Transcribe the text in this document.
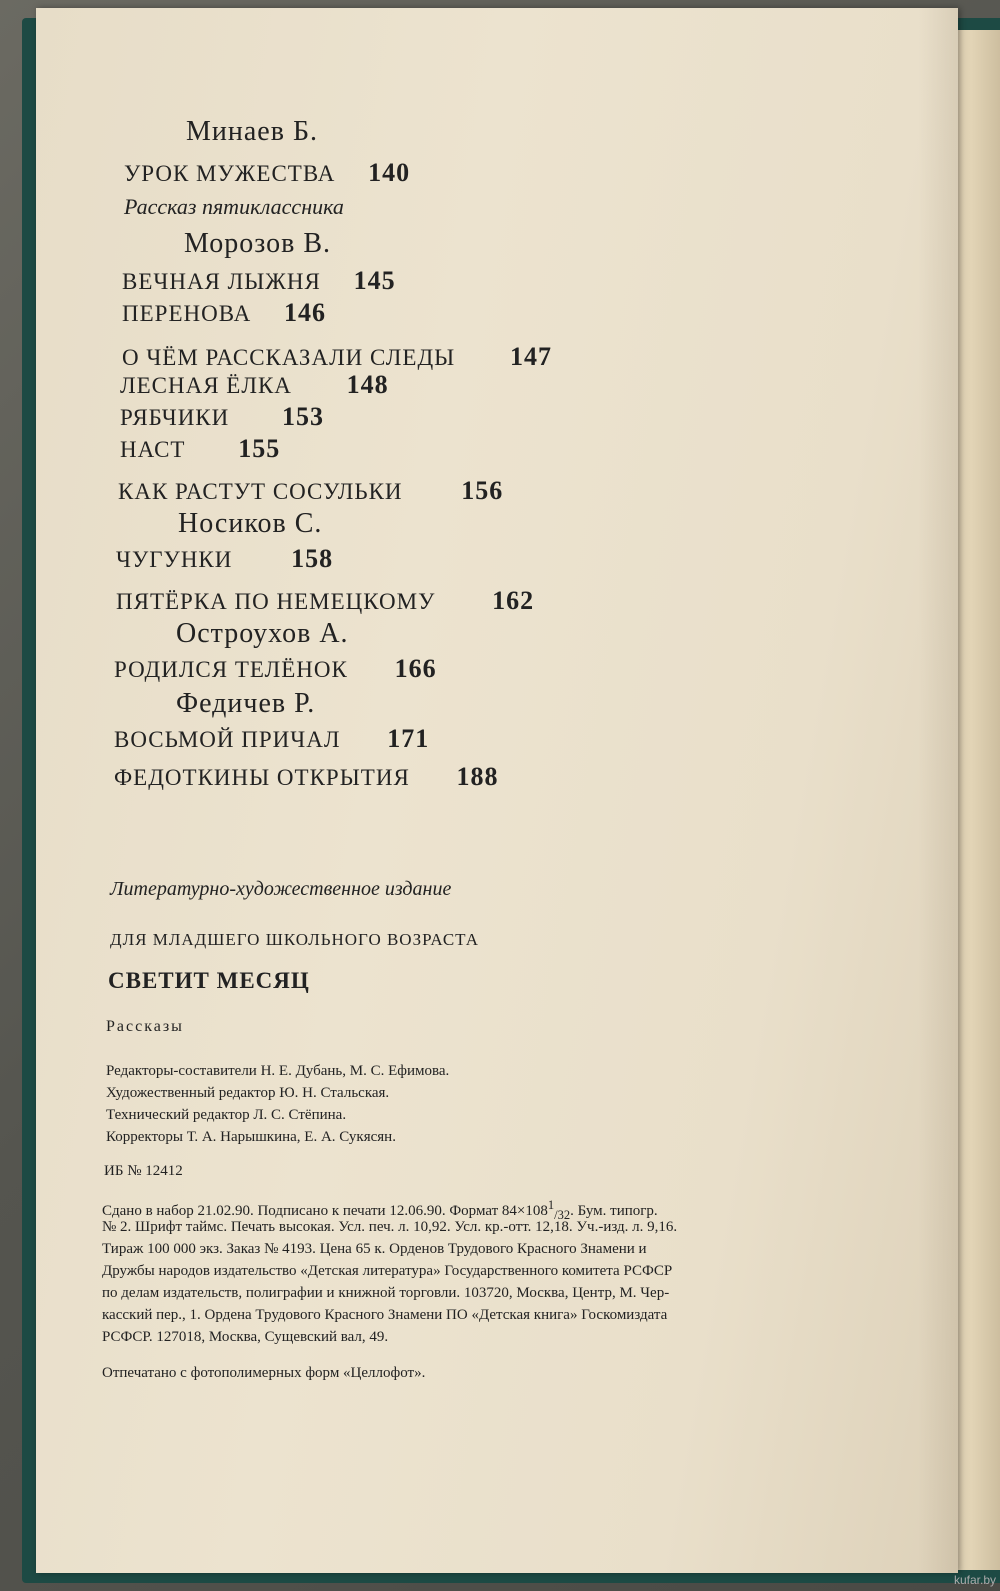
Минаев Б.
УРОК МУЖЕСТВА 140
Рассказ пятиклассника
Морозов В.
ВЕЧНАЯ ЛЫЖНЯ 145
ПЕРЕНОВА 146
О ЧЁМ РАССКАЗАЛИ СЛЕДЫ 147
ЛЕСНАЯ ЁЛКА 148
РЯБЧИКИ 153
НАСТ 155
КАК РАСТУТ СОСУЛЬКИ 156
Носиков С.
ЧУГУНКИ 158
ПЯТЁРКА ПО НЕМЕЦКОМУ 162
Остроухов А.
РОДИЛСЯ ТЕЛЁНОК 166
Федичев Р.
ВОСЬМОЙ ПРИЧАЛ 171
ФЕДОТКИНЫ ОТКРЫТИЯ 188
Литературно-художественное издание
ДЛЯ МЛАДШЕГО ШКОЛЬНОГО ВОЗРАСТА
СВЕТИТ МЕСЯЦ
Рассказы
Редакторы-составители Н. Е. Дубань, М. С. Ефимова.
Художественный редактор Ю. Н. Стальская.
Технический редактор Л. С. Стёпина.
Корректоры Т. А. Нарышкина, Е. А. Сукясян.
ИБ № 12412
Сдано в набор 21.02.90. Подписано к печати 12.06.90. Формат $84\times 108^1_{/32}$. Бум. типогр.
№ 2. Шрифт таймс. Печать высокая. Усл. печ. л. 10,92. Усл. кр.-отт. 12,18. Уч.-изд. л. 9,16.
Тираж 100 000 экз. Заказ № 4193. Цена 65 к. Орденов Трудового Красного Знамени и
Дружбы народов издательство «Детская литература» Государственного комитета РСФСР
по делам издательств, полиграфии и книжной торговли. 103720, Москва, Центр, М. Чер-
касский пер., 1. Ордена Трудового Красного Знамени ПО «Детская книга» Госкомиздата
РСФСР. 127018, Москва, Сущевский вал, 49.
Отпечатано с фотополимерных форм «Целлофот».
kufar.by
